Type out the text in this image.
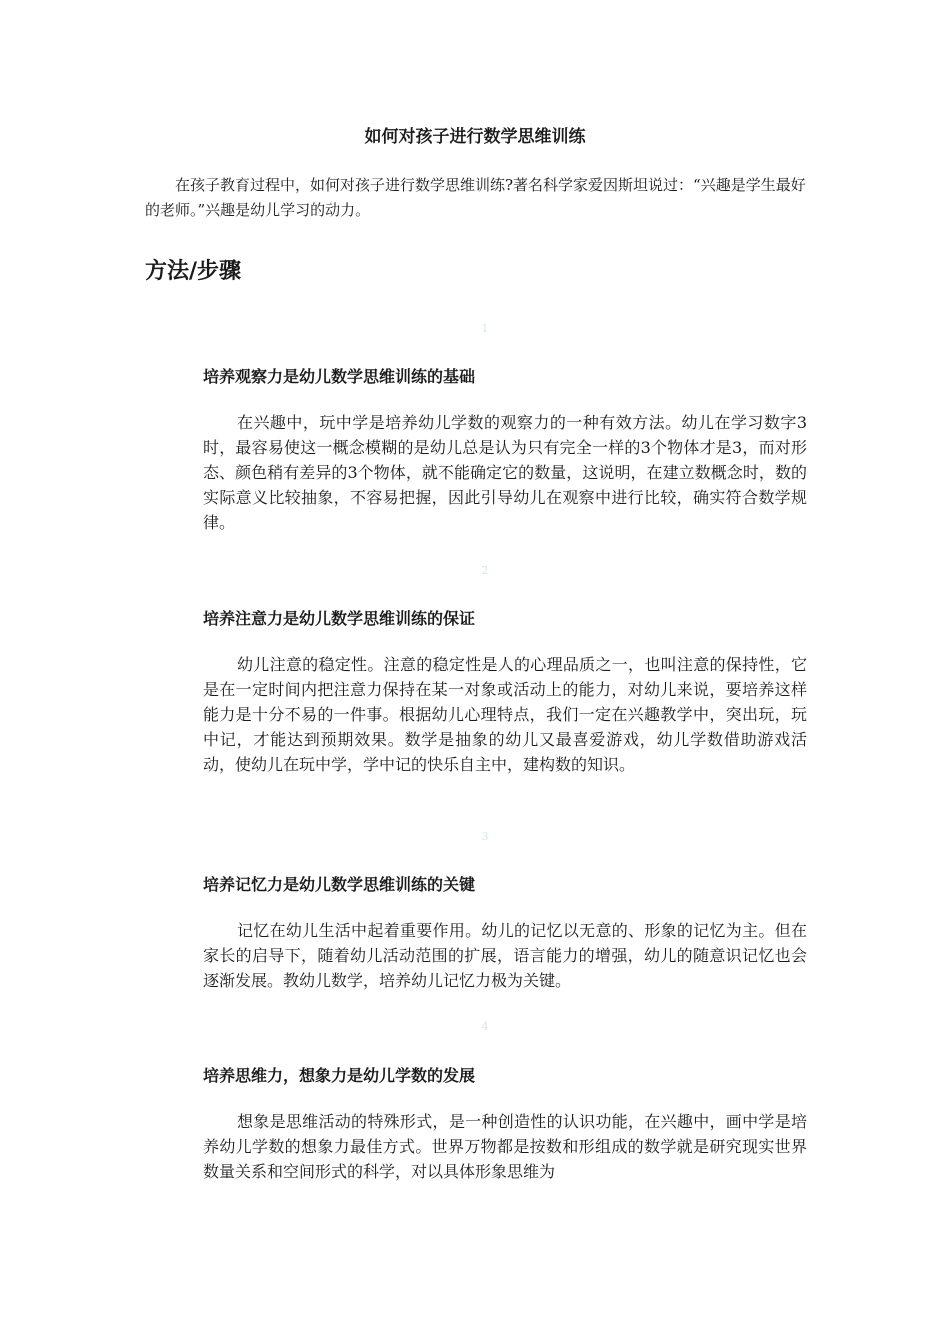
如何对孩子进行数学思维训练

在孩子教育过程中，如何对孩子进行数学思维训练?著名科学家爱因斯坦说过：“兴趣是学生最好的老师。”兴趣是幼儿学习的动力。

方法/步骤
1
培养观察力是幼儿数学思维训练的基础

在兴趣中，玩中学是培养幼儿学数的观察力的一种有效方法。幼儿在学习数字3时，最容易使这一概念模糊的是幼儿总是认为只有完全一样的3个物体才是3，而对形态、颜色稍有差异的3个物体，就不能确定它的数量，这说明，在建立数概念时，数的实际意义比较抽象，不容易把握，因此引导幼儿在观察中进行比较，确实符合数学规律。

2
培养注意力是幼儿数学思维训练的保证

幼儿注意的稳定性。注意的稳定性是人的心理品质之一，也叫注意的保持性，它是在一定时间内把注意力保持在某一对象或活动上的能力，对幼儿来说，要培养这样能力是十分不易的一件事。根据幼儿心理特点，我们一定在兴趣教学中，突出玩，玩中记，才能达到预期效果。数学是抽象的幼儿又最喜爱游戏，幼儿学数借助游戏活动，使幼儿在玩中学，学中记的快乐自主中，建构数的知识。

3
培养记忆力是幼儿数学思维训练的关键

记忆在幼儿生活中起着重要作用。幼儿的记忆以无意的、形象的记忆为主。但在家长的启导下，随着幼儿活动范围的扩展，语言能力的增强，幼儿的随意识记忆也会逐渐发展。教幼儿数学，培养幼儿记忆力极为关键。

4
培养思维力，想象力是幼儿学数的发展

想象是思维活动的特殊形式，是一种创造性的认识功能，在兴趣中，画中学是培养幼儿学数的想象力最佳方式。世界万物都是按数和形组成的数学就是研究现实世界数量关系和空间形式的科学，对以具体形象思维为
